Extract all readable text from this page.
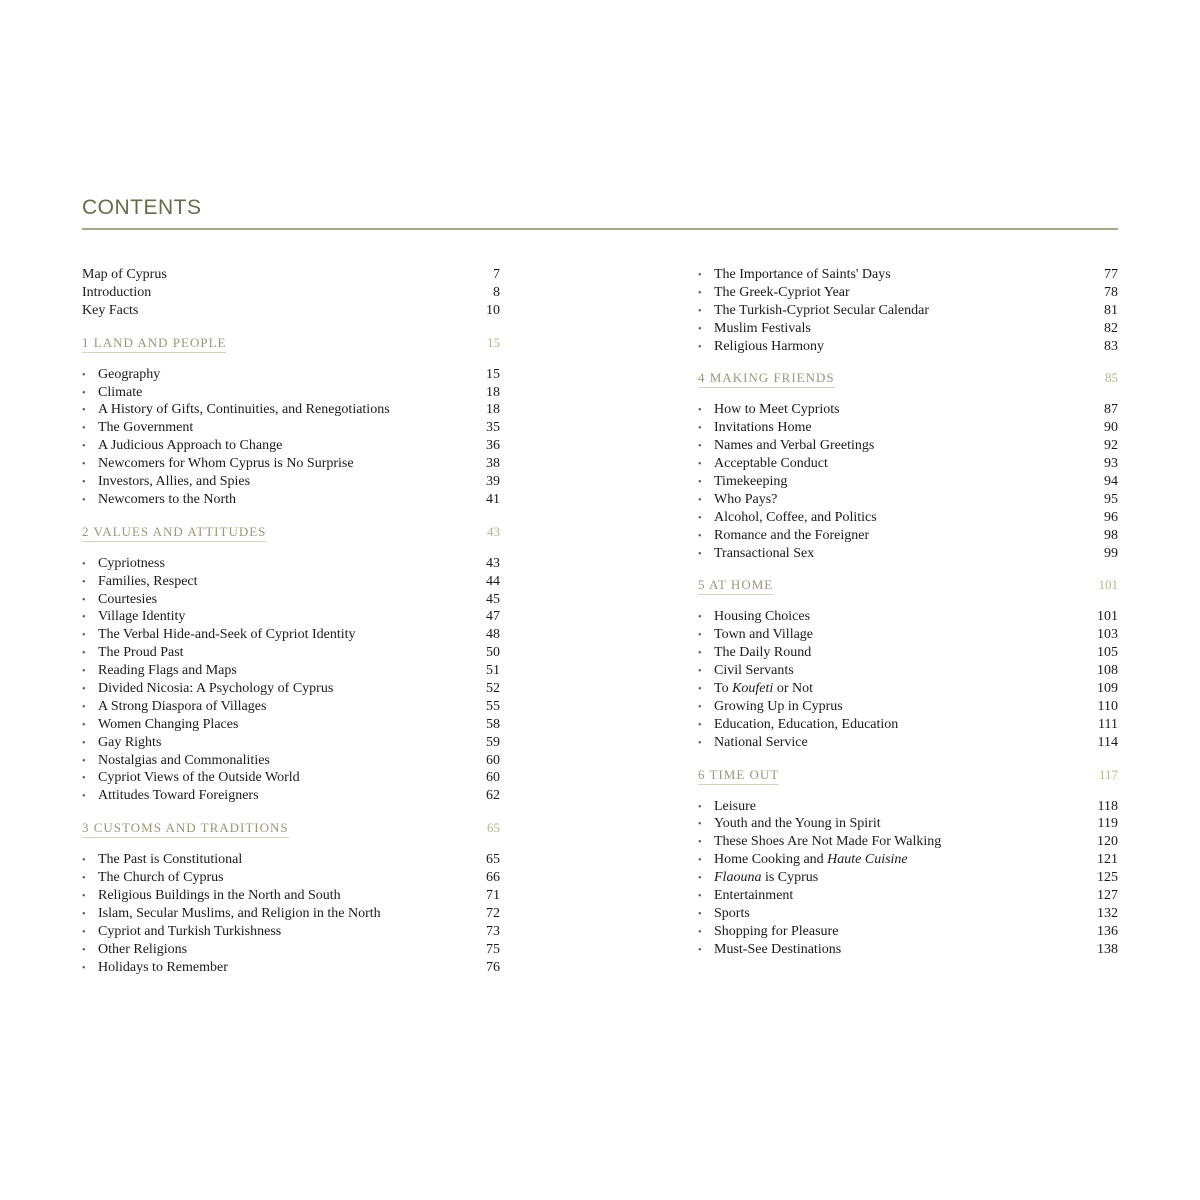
CONTENTS
Map of Cyprus	7
Introduction	8
Key Facts	10
1 LAND AND PEOPLE	15
• Geography	15
• Climate	18
• A History of Gifts, Continuities, and Renegotiations	18
• The Government	35
• A Judicious Approach to Change	36
• Newcomers for Whom Cyprus is No Surprise	38
• Investors, Allies, and Spies	39
• Newcomers to the North	41
2 VALUES AND ATTITUDES	43
• Cypriotness	43
• Families, Respect	44
• Courtesies	45
• Village Identity	47
• The Verbal Hide-and-Seek of Cypriot Identity	48
• The Proud Past	50
• Reading Flags and Maps	51
• Divided Nicosia: A Psychology of Cyprus	52
• A Strong Diaspora of Villages	55
• Women Changing Places	58
• Gay Rights	59
• Nostalgias and Commonalities	60
• Cypriot Views of the Outside World	60
• Attitudes Toward Foreigners	62
3 CUSTOMS AND TRADITIONS	65
• The Past is Constitutional	65
• The Church of Cyprus	66
• Religious Buildings in the North and South	71
• Islam, Secular Muslims, and Religion in the North	72
• Cypriot and Turkish Turkishness	73
• Other Religions	75
• Holidays to Remember	76
• The Importance of Saints' Days	77
• The Greek-Cypriot Year	78
• The Turkish-Cypriot Secular Calendar	81
• Muslim Festivals	82
• Religious Harmony	83
4 MAKING FRIENDS	85
• How to Meet Cypriots	87
• Invitations Home	90
• Names and Verbal Greetings	92
• Acceptable Conduct	93
• Timekeeping	94
• Who Pays?	95
• Alcohol, Coffee, and Politics	96
• Romance and the Foreigner	98
• Transactional Sex	99
5 AT HOME	101
• Housing Choices	101
• Town and Village	103
• The Daily Round	105
• Civil Servants	108
• To Koufeti or Not	109
• Growing Up in Cyprus	110
• Education, Education, Education	111
• National Service	114
6 TIME OUT	117
• Leisure	118
• Youth and the Young in Spirit	119
• These Shoes Are Not Made For Walking	120
• Home Cooking and Haute Cuisine	121
• Flaouna is Cyprus	125
• Entertainment	127
• Sports	132
• Shopping for Pleasure	136
• Must-See Destinations	138
